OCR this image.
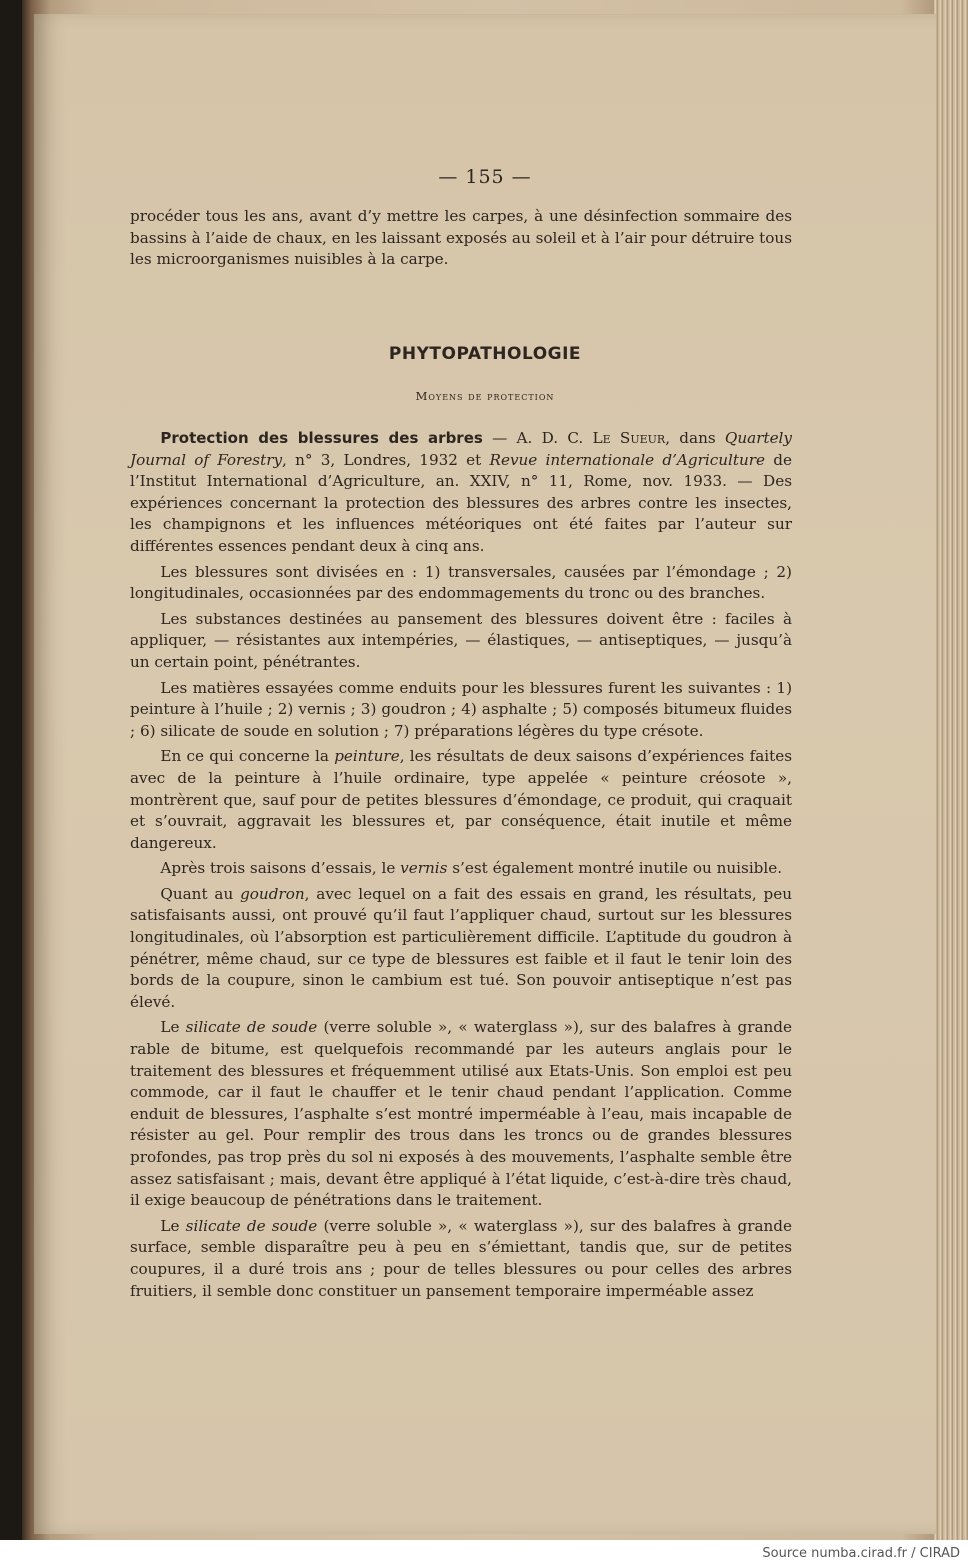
— 155 —

procéder tous les ans, avant d’y mettre les carpes, à une désinfection sommaire des bassins à l’aide de chaux, en les laissant exposés au soleil et à l’air pour détruire tous les microorganismes nuisibles à la carpe.

PHYTOPATHOLOGIE
Moyens de protection

Protection des blessures des arbres — A. D. C. Le Sueur, dans Quartely Journal of Forestry, n° 3, Londres, 1932 et Revue internationale d’Agriculture de l’Institut International d’Agriculture, an. XXIV, n° 11, Rome, nov. 1933. — Des expériences concernant la protection des blessures des arbres contre les insectes, les champignons et les influences météoriques ont été faites par l’auteur sur différentes essences pendant deux à cinq ans.

Les blessures sont divisées en : 1) transversales, causées par l’émondage ; 2) longitudinales, occasionnées par des endommagements du tronc ou des branches.

Les substances destinées au pansement des blessures doivent être : faciles à appliquer, — résistantes aux intempéries, — élastiques, — antiseptiques, — jusqu’à un certain point, pénétrantes.

Les matières essayées comme enduits pour les blessures furent les suivantes : 1) peinture à l’huile ; 2) vernis ; 3) goudron ; 4) asphalte ; 5) composés bitumeux fluides ; 6) silicate de soude en solution ; 7) préparations légères du type crésote.

En ce qui concerne la peinture, les résultats de deux saisons d’expériences faites avec de la peinture à l’huile ordinaire, type appelée « peinture créosote », montrèrent que, sauf pour de petites blessures d’émondage, ce produit, qui craquait et s’ouvrait, aggravait les blessures et, par conséquence, était inutile et même dangereux.

Après trois saisons d’essais, le vernis s’est également montré inutile ou nuisible.

Quant au goudron, avec lequel on a fait des essais en grand, les résultats, peu satisfaisants aussi, ont prouvé qu’il faut l’appliquer chaud, surtout sur les blessures longitudinales, où l’absorption est particulièrement difficile. L’aptitude du goudron à pénétrer, même chaud, sur ce type de blessures est faible et il faut le tenir loin des bords de la coupure, sinon le cambium est tué. Son pouvoir antiseptique n’est pas élevé.

Le silicate de soude (verre soluble », « waterglass »), sur des balafres à grande rable de bitume, est quelquefois recommandé par les auteurs anglais pour le traitement des blessures et fréquemment utilisé aux Etats-Unis. Son emploi est peu commode, car il faut le chauffer et le tenir chaud pendant l’application. Comme enduit de blessures, l’asphalte s’est montré imperméable à l’eau, mais incapable de résister au gel. Pour remplir des trous dans les troncs ou de grandes blessures profondes, pas trop près du sol ni exposés à des mouvements, l’asphalte semble être assez satisfaisant ; mais, devant être appliqué à l’état liquide, c’est-à-dire très chaud, il exige beaucoup de pénétrations dans le traitement.

Le silicate de soude (verre soluble », « waterglass »), sur des balafres à grande surface, semble disparaître peu à peu en s’émiettant, tandis que, sur de petites coupures, il a duré trois ans ; pour de telles blessures ou pour celles des arbres fruitiers, il semble donc constituer un pansement temporaire imperméable assez

Source numba.cirad.fr / CIRAD
